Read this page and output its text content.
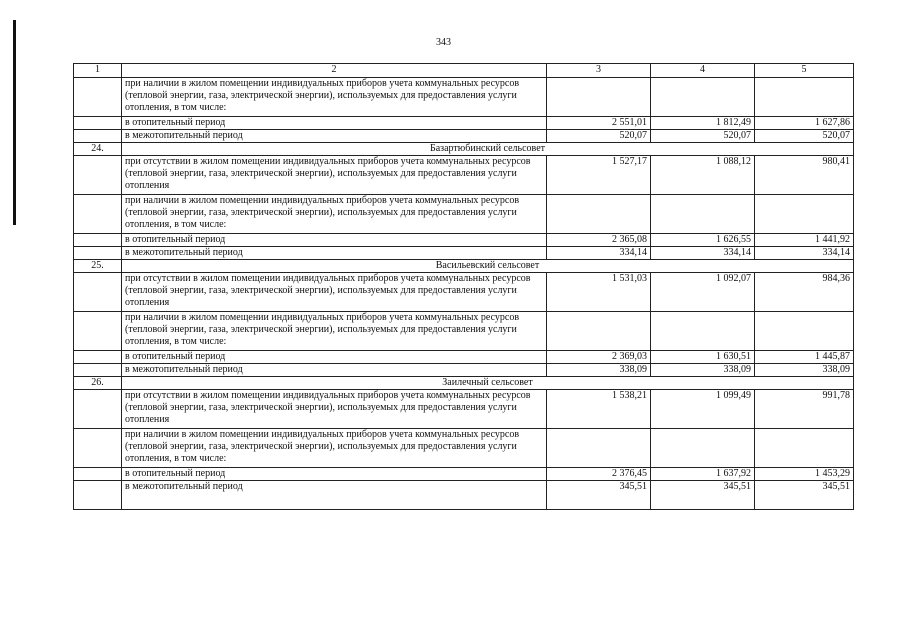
343
1	2	3	4	5
	при наличии в жилом помещении индивидуальных приборов учета коммунальных ресурсов (тепловой энергии, газа, электрической энергии), используемых для предоставления услуги отопления, в том числе:			
	в отопительный период	2 551,01	1 812,49	1 627,86
	в межотопительный период	520,07	520,07	520,07
24.	Базартюбинский сельсовет			
	при отсутствии в жилом помещении индивидуальных приборов учета коммунальных ресурсов (тепловой энергии, газа, электрической энергии), используемых для предоставления услуги отопления	1 527,17	1 088,12	980,41
	при наличии в жилом помещении индивидуальных приборов учета коммунальных ресурсов (тепловой энергии, газа, электрической энергии), используемых для предоставления услуги отопления, в том числе:			
	в отопительный период	2 365,08	1 626,55	1 441,92
	в межотопительный период	334,14	334,14	334,14
25.	Васильевский сельсовет			
	при отсутствии в жилом помещении индивидуальных приборов учета коммунальных ресурсов (тепловой энергии, газа, электрической энергии), используемых для предоставления услуги отопления	1 531,03	1 092,07	984,36
	при наличии в жилом помещении индивидуальных приборов учета коммунальных ресурсов (тепловой энергии, газа, электрической энергии), используемых для предоставления услуги отопления, в том числе:			
	в отопительный период	2 369,03	1 630,51	1 445,87
	в межотопительный период	338,09	338,09	338,09
26.	Заилечный сельсовет			
	при отсутствии в жилом помещении индивидуальных приборов учета коммунальных ресурсов (тепловой энергии, газа, электрической энергии), используемых для предоставления услуги отопления	1 538,21	1 099,49	991,78
	при наличии в жилом помещении индивидуальных приборов учета коммунальных ресурсов (тепловой энергии, газа, электрической энергии), используемых для предоставления услуги отопления, в том числе:			
	в отопительный период	2 376,45	1 637,92	1 453,29
	в межотопительный период	345,51	345,51	345,51
